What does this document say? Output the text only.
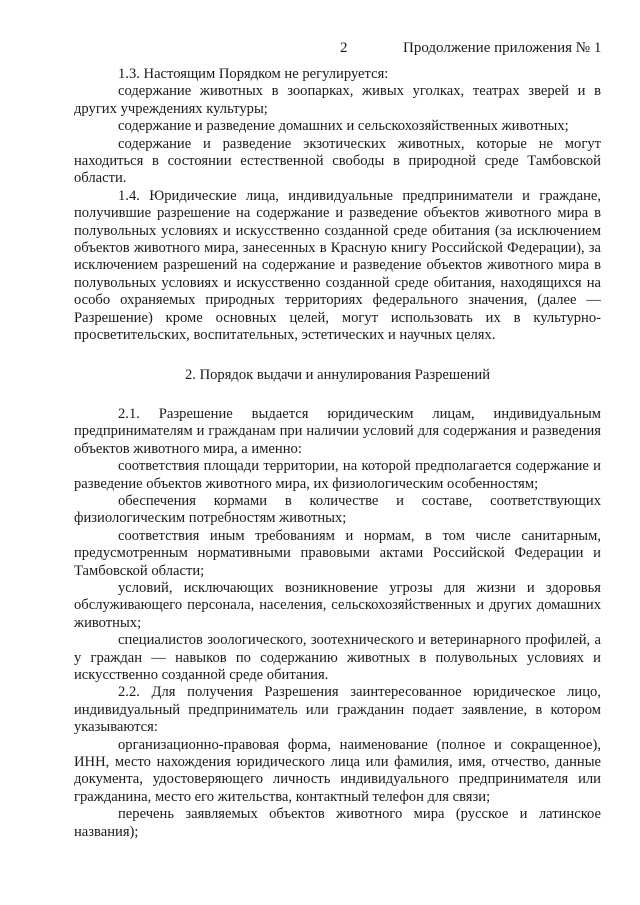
2	Продолжение приложения № 1

1.3. Настоящим Порядком не регулируется:

содержание животных в зоопарках, живых уголках, театрах зверей и в других учреждениях культуры;

содержание и разведение домашних и сельскохозяйственных животных;

содержание и разведение экзотических животных, которые не могут находиться в состоянии естественной свободы в природной среде Тамбовской области.

1.4. Юридические лица, индивидуальные предприниматели и граждане, получившие разрешение на содержание и разведение объектов животного мира в полувольных условиях и искусственно созданной среде обитания (за исключением объектов животного мира, занесенных в Красную книгу Российской Федерации), за исключением разрешений на содержание и разведение объектов животного мира в полувольных условиях и искусственно созданной среде обитания, находящихся на особо охраняемых природных территориях федерального значения, (далее — Разрешение) кроме основных целей, могут использовать их в культурно-просветительских, воспитательных, эстетических и научных целях.

2. Порядок выдачи и аннулирования Разрешений

2.1. Разрешение выдается юридическим лицам, индивидуальным предпринимателям и гражданам при наличии условий для содержания и разведения объектов животного мира, а именно:

соответствия площади территории, на которой предполагается содержание и разведение объектов животного мира, их физиологическим особенностям;

обеспечения кормами в количестве и составе, соответствующих физиологическим потребностям животных;

соответствия иным требованиям и нормам, в том числе санитарным, предусмотренным нормативными правовыми актами Российской Федерации и Тамбовской области;

условий, исключающих возникновение угрозы для жизни и здоровья обслуживающего персонала, населения, сельскохозяйственных и других домашних животных;

специалистов зоологического, зоотехнического и ветеринарного профилей, а у граждан — навыков по содержанию животных в полувольных условиях и искусственно созданной среде обитания.

2.2. Для получения Разрешения заинтересованное юридическое лицо, индивидуальный предприниматель или гражданин подает заявление, в котором указываются:

организационно-правовая форма, наименование (полное и сокращенное), ИНН, место нахождения юридического лица или фамилия, имя, отчество, данные документа, удостоверяющего личность индивидуального предпринимателя или гражданина, место его жительства, контактный телефон для связи;

перечень заявляемых объектов животного мира (русское и латинское названия);
